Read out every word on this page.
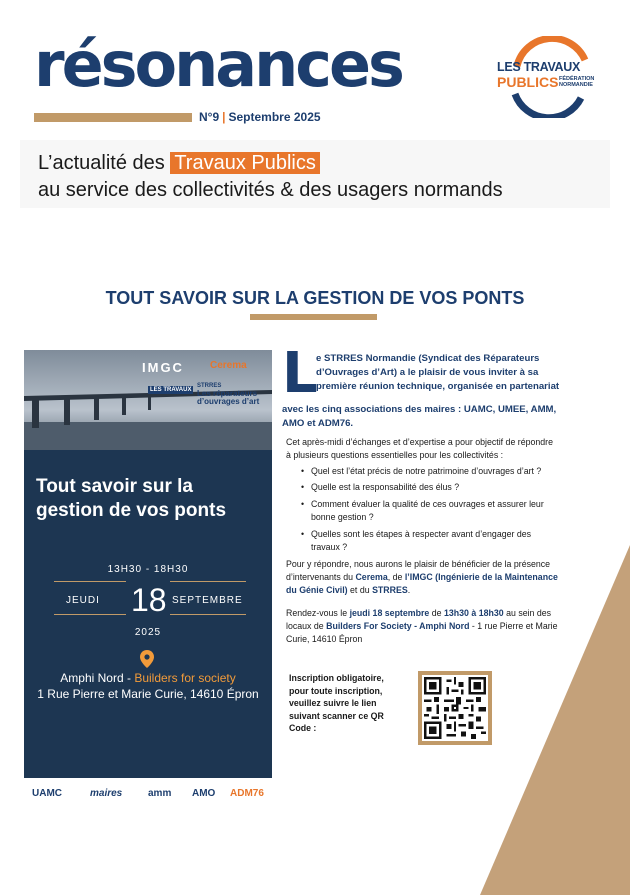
résonances
N°9 | Septembre 2025
L’actualité des Travaux Publics
au service des collectivités & des usagers normands
LES TRAVAUX
PUBLICS FÉDÉRATION
NORMANDIE
TOUT SAVOIR SUR LA GESTION DE VOS PONTS
IMGC	Cerema
LES TRAVAUX
STRRES
Les réparateurs
d’ouvrages d’art
Tout savoir sur la
gestion de vos ponts
13H30 - 18H30
JEUDI 18 SEPTEMBRE
2025
Amphi Nord - Builders for society
1 Rue Pierre et Marie Curie, 14610 Épron
UAMC	maires	amm AMO ADM76
L
e STRRES Normandie (Syndicat des Réparateurs
d’Ouvrages d’Art) a le plaisir de vous inviter à sa
première réunion technique, organisée en partenariat
avec les cinq associations des maires : UAMC, UMEE, AMM,
AMO et ADM76.
Cet après-midi d’échanges et d’expertise a pour objectif de répondre
à plusieurs questions essentielles pour les collectivités :
• Quel est l’état précis de notre patrimoine d’ouvrages d’art ?
• Quelle est la responsabilité des élus ?
• Comment évaluer la qualité de ces ouvrages et assurer leur
bonne gestion ?
• Quelles sont les étapes à respecter avant d’engager des
travaux ?
Pour y répondre, nous aurons le plaisir de bénéficier de la présence
d’intervenants du Cerema, de l’IMGC (Ingénierie de la Maintenance
du Génie Civil) et du STRRES.
Rendez-vous le jeudi 18 septembre de 13h30 à 18h30 au sein des
locaux de Builders For Society - Amphi Nord - 1 rue Pierre et Marie
Curie, 14610 Épron
Inscription obligatoire, pour toute inscription, veuillez suivre le lien suivant scanner ce QR Code :
